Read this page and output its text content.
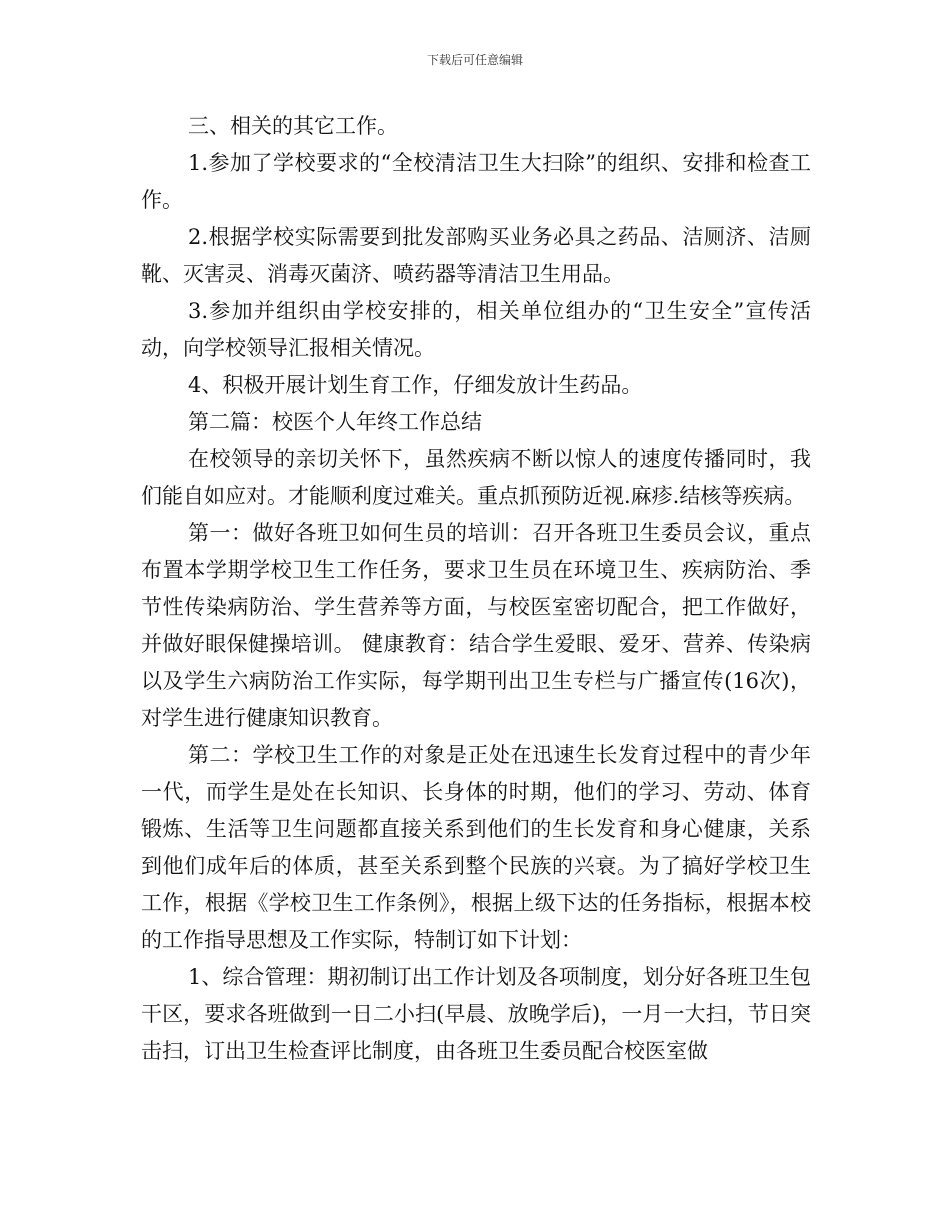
下载后可任意编辑

三、相关的其它工作。

1.参加了学校要求的“全校清洁卫生大扫除”的组织、安排和检查工作。

2.根据学校实际需要到批发部购买业务必具之药品、洁厕济、洁厕靴、灭害灵、消毒灭菌济、喷药器等清洁卫生用品。

3.参加并组织由学校安排的，相关单位组办的“卫生安全”宣传活动，向学校领导汇报相关情况。

4、积极开展计划生育工作，仔细发放计生药品。

第二篇：校医个人年终工作总结

在校领导的亲切关怀下，虽然疾病不断以惊人的速度传播同时，我们能自如应对。才能顺利度过难关。重点抓预防近视.麻疹.结核等疾病。

第一：做好各班卫如何生员的培训：召开各班卫生委员会议，重点布置本学期学校卫生工作任务，要求卫生员在环境卫生、疾病防治、季节性传染病防治、学生营养等方面，与校医室密切配合，把工作做好，并做好眼保健操培训。 健康教育：结合学生爱眼、爱牙、营养、传染病以及学生六病防治工作实际，每学期刊出卫生专栏与广播宣传(16次)，对学生进行健康知识教育。

第二：学校卫生工作的对象是正处在迅速生长发育过程中的青少年一代，而学生是处在长知识、长身体的时期，他们的学习、劳动、体育锻炼、生活等卫生问题都直接关系到他们的生长发育和身心健康，关系到他们成年后的体质，甚至关系到整个民族的兴衰。为了搞好学校卫生工作，根据《学校卫生工作条例》，根据上级下达的任务指标，根据本校的工作指导思想及工作实际，特制订如下计划：

1、综合管理：期初制订出工作计划及各项制度，划分好各班卫生包干区，要求各班做到一日二小扫(早晨、放晚学后)，一月一大扫，节日突击扫，订出卫生检查评比制度，由各班卫生委员配合校医室做
